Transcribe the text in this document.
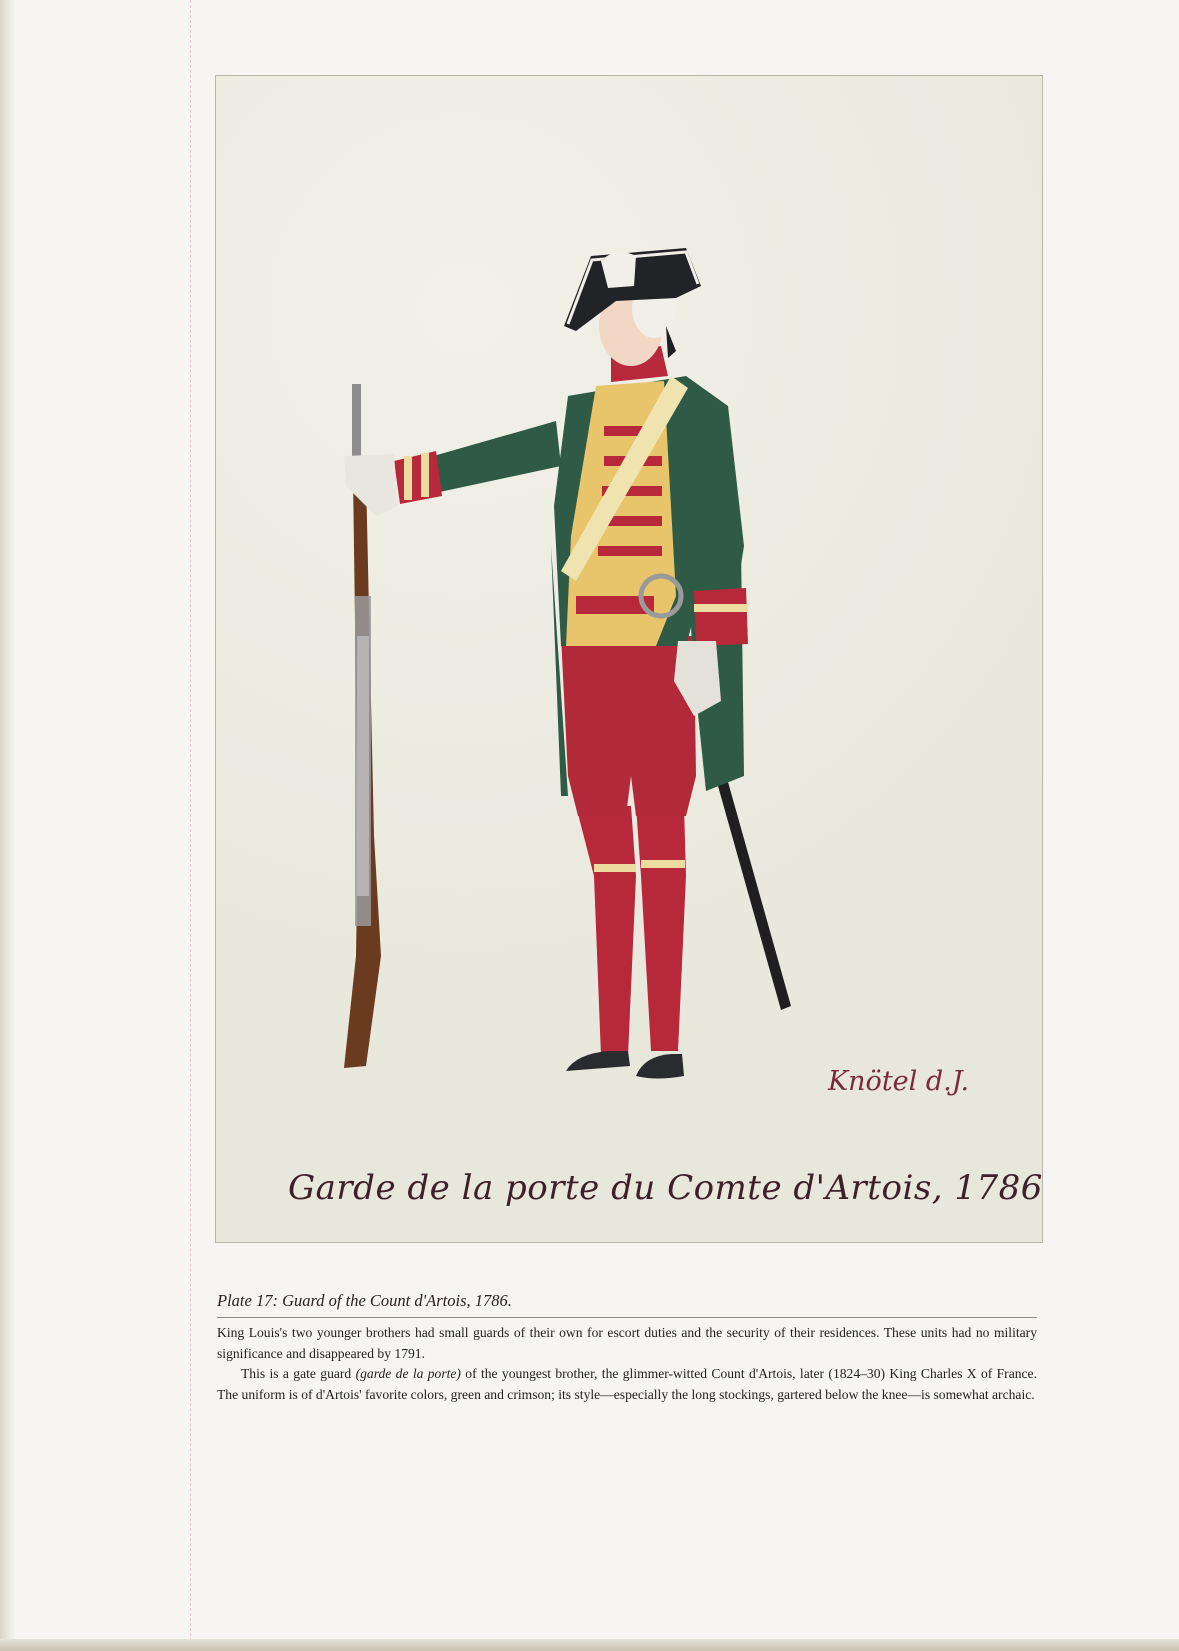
Knötel d.J.

Garde de la porte du Comte d'Artois, 1786

Plate 17: Guard of the Count d'Artois, 1786.

King Louis's two younger brothers had small guards of their own for escort duties and the security of their residences. These units had no military significance and disappeared by 1791.

This is a gate guard (garde de la porte) of the youngest brother, the glimmer-witted Count d'Artois, later (1824–30) King Charles X of France. The uniform is of d'Artois' favorite colors, green and crimson; its style—especially the long stockings, gartered below the knee—is somewhat archaic.
